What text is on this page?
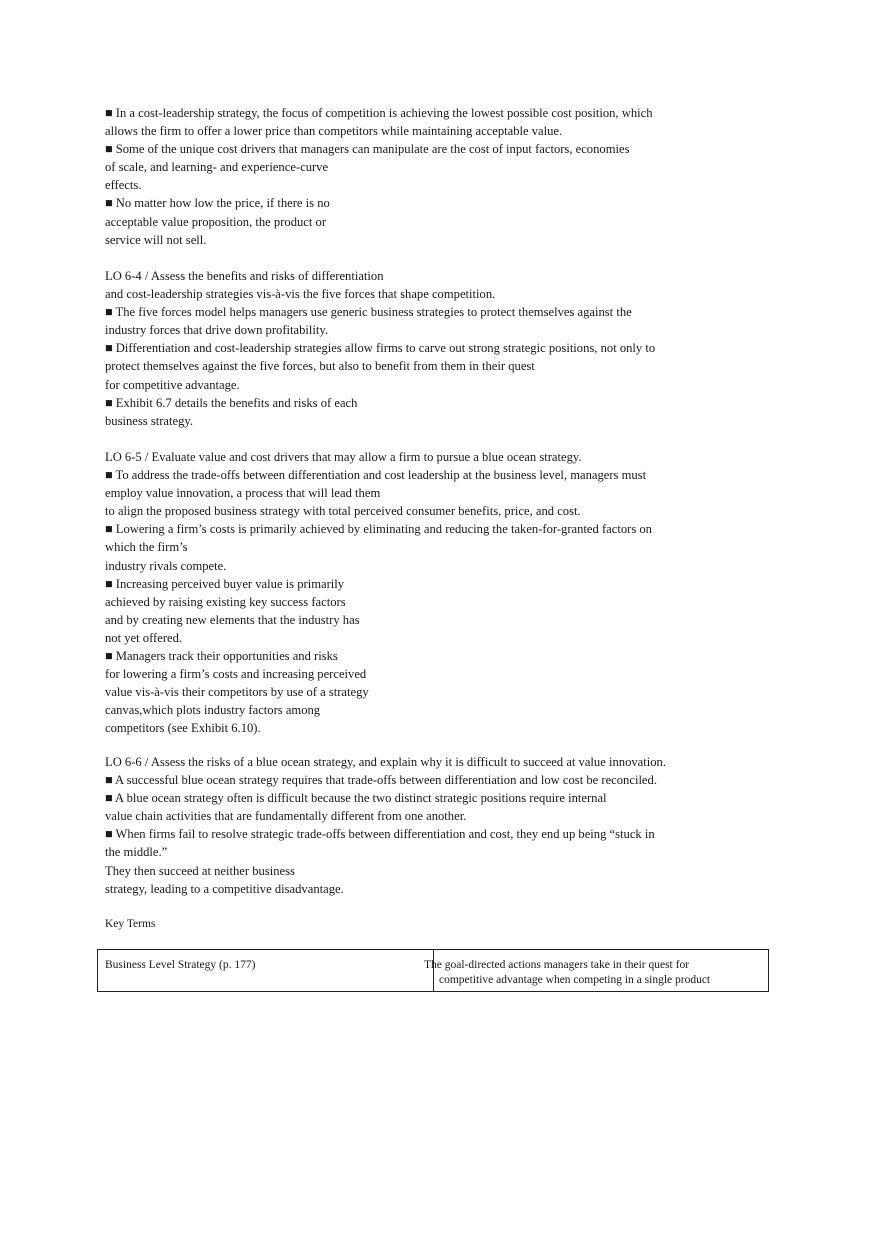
■ In a cost-leadership strategy, the focus of competition is achieving the lowest possible cost position, which
allows the firm to offer a lower price than competitors while maintaining acceptable value.
■ Some of the unique cost drivers that managers can manipulate are the cost of input factors, economies
of scale, and learning- and experience-curve
effects.
■ No matter how low the price, if there is no
acceptable value proposition, the product or
service will not sell.
LO 6-4 / Assess the benefits and risks of differentiation
and cost-leadership strategies vis-à-vis the five forces that shape competition.
■ The five forces model helps managers use generic business strategies to protect themselves against the
industry forces that drive down profitability.
■ Differentiation and cost-leadership strategies allow firms to carve out strong strategic positions, not only to
protect themselves against the five forces, but also to benefit from them in their quest
for competitive advantage.
■ Exhibit 6.7 details the benefits and risks of each
business strategy.
LO 6-5 / Evaluate value and cost drivers that may allow a firm to pursue a blue ocean strategy.
■ To address the trade-offs between differentiation and cost leadership at the business level, managers must
employ value innovation, a process that will lead them
to align the proposed business strategy with total perceived consumer benefits, price, and cost.
■ Lowering a firm’s costs is primarily achieved by eliminating and reducing the taken-for-granted factors on
which the firm’s
industry rivals compete.
■ Increasing perceived buyer value is primarily
achieved by raising existing key success factors
and by creating new elements that the industry has
not yet offered.
■ Managers track their opportunities and risks
for lowering a firm’s costs and increasing perceived
value vis-à-vis their competitors by use of a strategy
canvas,which plots industry factors among
competitors (see Exhibit 6.10).
LO 6-6 / Assess the risks of a blue ocean strategy, and explain why it is difficult to succeed at value innovation.
■ A successful blue ocean strategy requires that trade-offs between differentiation and low cost be reconciled.
■ A blue ocean strategy often is difficult because the two distinct strategic positions require internal
value chain activities that are fundamentally different from one another.
■ When firms fail to resolve strategic trade-offs between differentiation and cost, they end up being “stuck in
the middle.”
They then succeed at neither business
strategy, leading to a competitive disadvantage.
Key Terms
Business Level Strategy (p. 177)	The goal-directed actions managers take in their quest for
competitive advantage when competing in a single product
